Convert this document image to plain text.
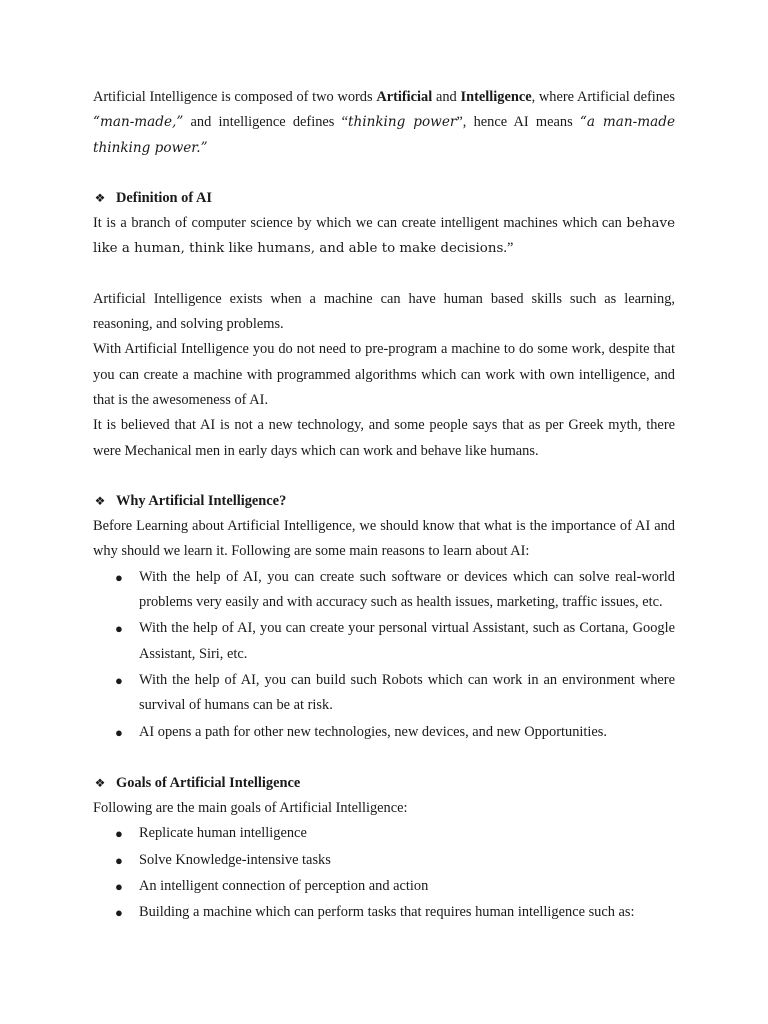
Artificial Intelligence is composed of two words Artificial and Intelligence, where Artificial defines “man-made,” and intelligence defines “thinking power”, hence AI means “a man-made thinking power.”

❖ Definition of AI

It is a branch of computer science by which we can create intelligent machines which can behave like a human, think like humans, and able to make decisions.”

Artificial Intelligence exists when a machine can have human based skills such as learning, reasoning, and solving problems.

With Artificial Intelligence you do not need to pre-program a machine to do some work, despite that you can create a machine with programmed algorithms which can work with own intelligence, and that is the awesomeness of AI.

It is believed that AI is not a new technology, and some people says that as per Greek myth, there were Mechanical men in early days which can work and behave like humans.

❖ Why Artificial Intelligence?

Before Learning about Artificial Intelligence, we should know that what is the importance of AI and why should we learn it. Following are some main reasons to learn about AI:

● With the help of AI, you can create such software or devices which can solve real-world problems very easily and with accuracy such as health issues, marketing, traffic issues, etc.
● With the help of AI, you can create your personal virtual Assistant, such as Cortana, Google Assistant, Siri, etc.
● With the help of AI, you can build such Robots which can work in an environment where survival of humans can be at risk.
● AI opens a path for other new technologies, new devices, and new Opportunities.
❖ Goals of Artificial Intelligence

Following are the main goals of Artificial Intelligence:

● Replicate human intelligence
● Solve Knowledge-intensive tasks
● An intelligent connection of perception and action
● Building a machine which can perform tasks that requires human intelligence such as:
